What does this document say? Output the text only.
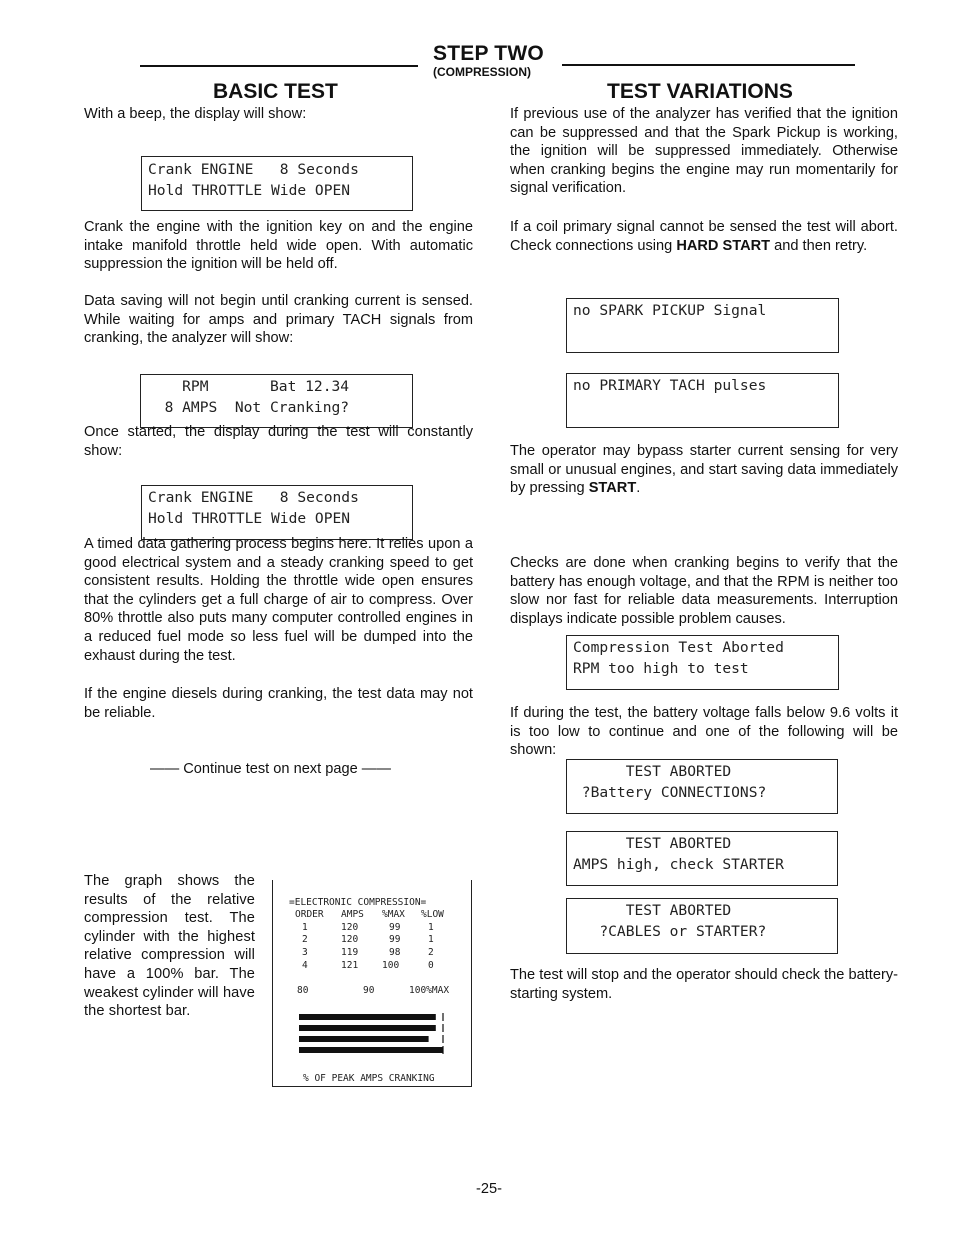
STEP TWO
(COMPRESSION)
BASIC TEST

With a beep, the display will show:

Crank ENGINE   8 Seconds
Hold THROTTLE Wide OPEN

Crank the engine with the ignition key on and the engine intake manifold throttle held wide open. With automatic suppression the ignition will be held off.

Data saving will not begin until cranking current is sensed. While waiting for amps and primary TACH signals from cranking, the analyzer will show:

RPM       Bat 12.34
8 AMPS  Not Cranking?

Once started, the display during the test will constantly show:

Crank ENGINE   8 Seconds
Hold THROTTLE Wide OPEN

A timed data gathering process begins here. It relies upon a good electrical system and a steady cranking speed to get consistent results. Holding the throttle wide open ensures that the cylinders get a full charge of air to compress. Over 80% throttle also puts many computer controlled engines in a reduced fuel mode so less fuel will be dumped into the exhaust during the test.

If the engine diesels during cranking, the test data may not be reliable.

—— Continue test on next page ——

The graph shows the results of the relative compression test. The cylinder with the highest relative compression will have a 100% bar. The weakest cylinder will have the shortest bar.

=ELECTRONIC COMPRESSION=
ORDER AMPS %MAX %LOW
1	120	99	1
2	120	99	1
3	119	98	2
4	121	100	0
80	90	100%MAX
% OF PEAK AMPS CRANKING
TEST VARIATIONS

If previous use of the analyzer has verified that the ignition can be suppressed and that the Spark Pickup is working, the ignition will be suppressed immediately. Otherwise when cranking begins the engine may run momentarily for signal verification.

If a coil primary signal cannot be sensed the test will abort. Check connections using HARD START and then retry.

no SPARK PICKUP Signal
no PRIMARY TACH pulses

The operator may bypass starter current sensing for very small or unusual engines, and start saving data immediately by pressing START.

Checks are done when cranking begins to verify that the battery has enough voltage, and that the RPM is neither too slow nor fast for reliable data measurements. Interruption displays indicate possible problem causes.

Compression Test Aborted
RPM too high to test

If during the test, the battery voltage falls below 9.6 volts it is too low to continue and one of the following will be shown:

TEST ABORTED
?Battery CONNECTIONS?
TEST ABORTED
AMPS high, check STARTER
TEST ABORTED
?CABLES or STARTER?

The test will stop and the operator should check the battery-starting system.

-25-
